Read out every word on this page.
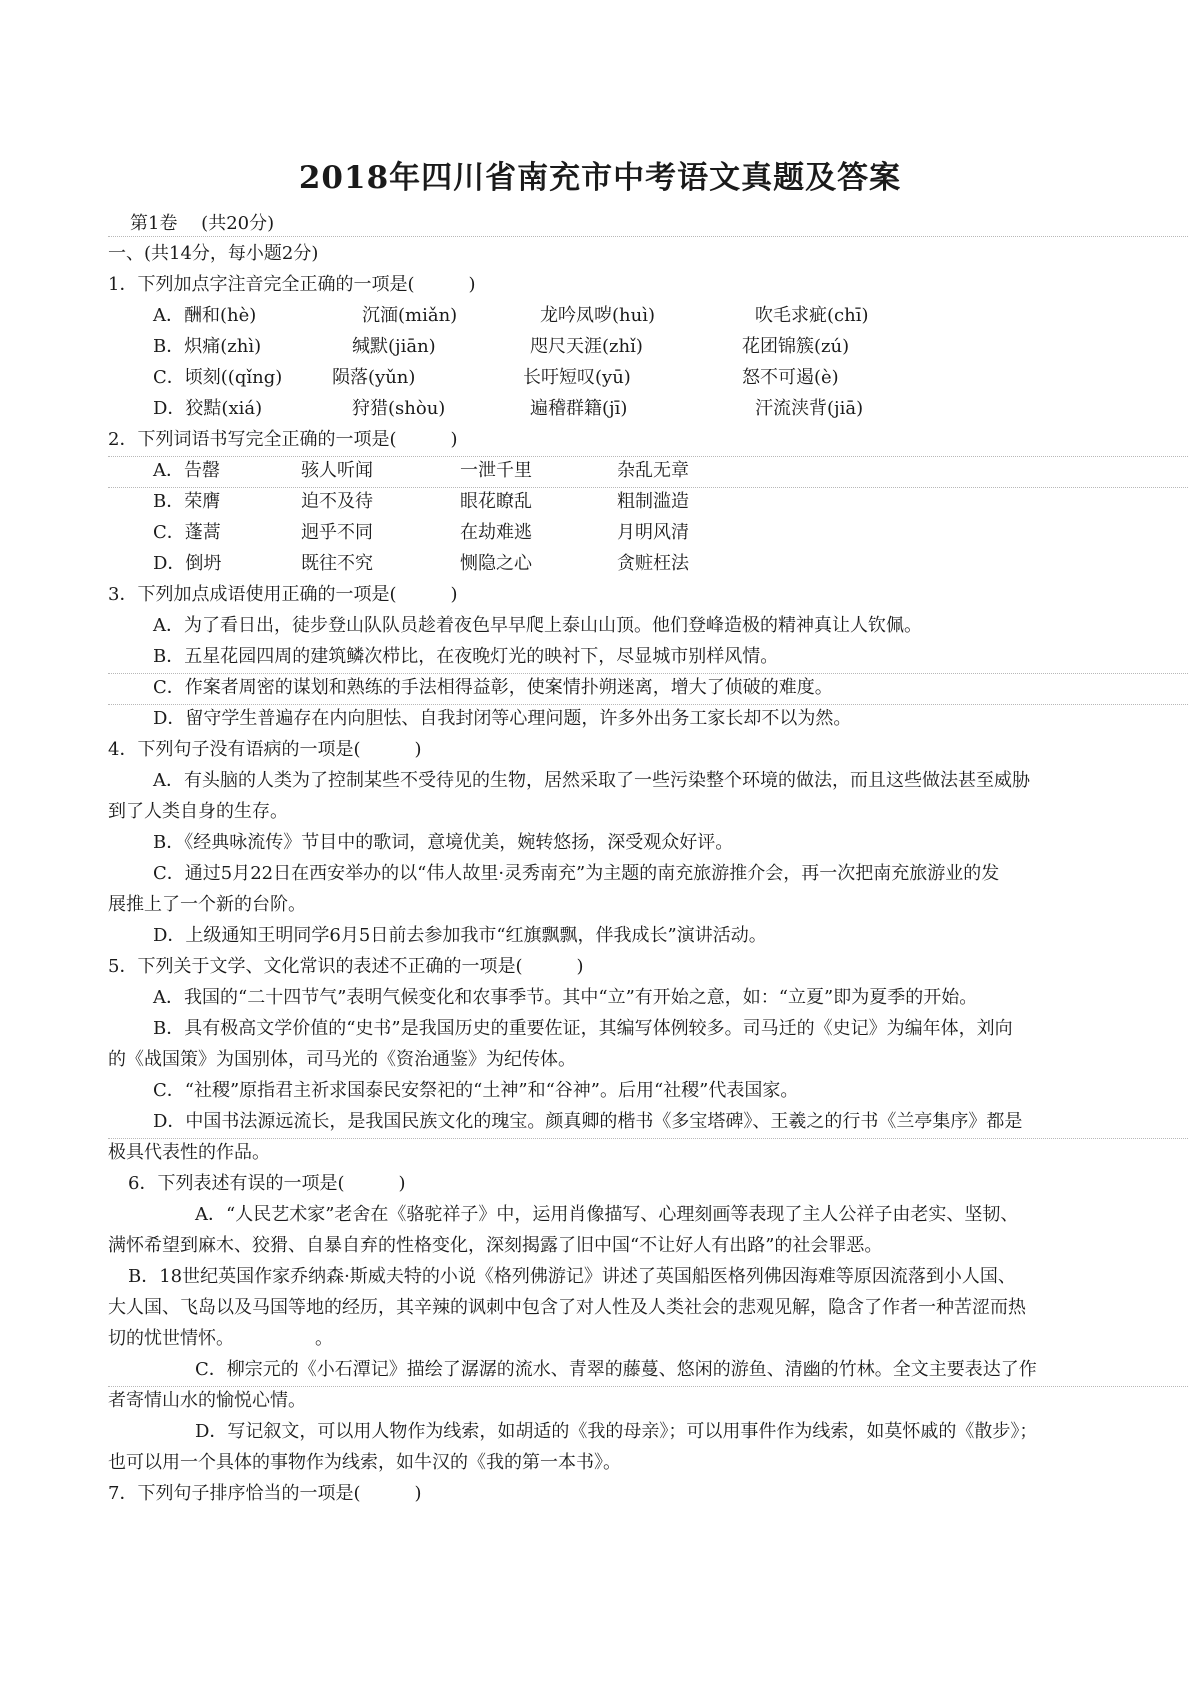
2018年四川省南充市中考语文真题及答案
第1卷　 (共20分)
一、(共14分，每小题2分)
1．下列加点字注音完全正确的一项是(　　　)
A．酬和(hè)	沉湎(miǎn)	龙吟凤哕(huì)	吹毛求疵(chī)
B．炽痛(zhì)	缄默(jiān)	咫尺天涯(zhǐ)	花团锦簇(zú)
C．顷刻((qǐng)	陨落(yǔn)	长吁短叹(yū)	怒不可遏(è)
D．狡黠(xiá)	狩猎(shòu)	遍稽群籍(jī)	汗流浃背(jiā)
2．下列词语书写完全正确的一项是(　　　)
A．告罄	骇人听闻	一泄千里	杂乱无章
B．荣膺	迫不及待	眼花瞭乱	粗制滥造
C．蓬蒿	迥乎不同	在劫难逃	月明风清
D．倒坍	既往不究	恻隐之心	贪赃枉法
3．下列加点成语使用正确的一项是(　　　)
A．为了看日出，徒步登山队队员趁着夜色早早爬上泰山山顶。他们登峰造极的精神真让人钦佩。
B．五星花园四周的建筑鳞次栉比，在夜晚灯光的映衬下，尽显城市别样风情。
C．作案者周密的谋划和熟练的手法相得益彰，使案情扑朔迷离，增大了侦破的难度。
D．留守学生普遍存在内向胆怯、自我封闭等心理问题，许多外出务工家长却不以为然。
4．下列句子没有语病的一项是(　　　)
A．有头脑的人类为了控制某些不受待见的生物，居然采取了一些污染整个环境的做法，而且这些做法甚至威胁
到了人类自身的生存。
B．《经典咏流传》节目中的歌词，意境优美，婉转悠扬，深受观众好评。
C．通过5月22日在西安举办的以“伟人故里·灵秀南充”为主题的南充旅游推介会，再一次把南充旅游业的发
展推上了一个新的台阶。
D．上级通知王明同学6月5日前去参加我市“红旗飘飘，伴我成长”演讲活动。
5．下列关于文学、文化常识的表述不正确的一项是(　　　)
A．我国的“二十四节气”表明气候变化和农事季节。其中“立”有开始之意，如：“立夏”即为夏季的开始。
B．具有极高文学价值的“史书”是我国历史的重要佐证，其编写体例较多。司马迁的《史记》为编年体，刘向
的《战国策》为国别体，司马光的《资治通鉴》为纪传体。
C．“社稷”原指君主祈求国泰民安祭祀的“土神”和“谷神”。后用“社稷”代表国家。
D．中国书法源远流长，是我国民族文化的瑰宝。颜真卿的楷书《多宝塔碑》、王羲之的行书《兰亭集序》都是
极具代表性的作品。
6．下列表述有误的一项是(　　　)
A．“人民艺术家”老舍在《骆驼祥子》中，运用肖像描写、心理刻画等表现了主人公祥子由老实、坚韧、
满怀希望到麻木、狡猾、自暴自弃的性格变化，深刻揭露了旧中国“不让好人有出路”的社会罪恶。
B．18世纪英国作家乔纳森·斯威夫特的小说《格列佛游记》讲述了英国船医格列佛因海难等原因流落到小人国、
大人国、飞岛以及马国等地的经历，其辛辣的讽刺中包含了对人性及人类社会的悲观见解，隐含了作者一种苦涩而热
切的忧世情怀。　　　　　。
C．柳宗元的《小石潭记》描绘了潺潺的流水、青翠的藤蔓、悠闲的游鱼、清幽的竹林。全文主要表达了作
者寄情山水的愉悦心情。
D．写记叙文，可以用人物作为线索，如胡适的《我的母亲》；可以用事件作为线索，如莫怀戚的《散步》；
也可以用一个具体的事物作为线索，如牛汉的《我的第一本书》。
7．下列句子排序恰当的一项是(　　　)
